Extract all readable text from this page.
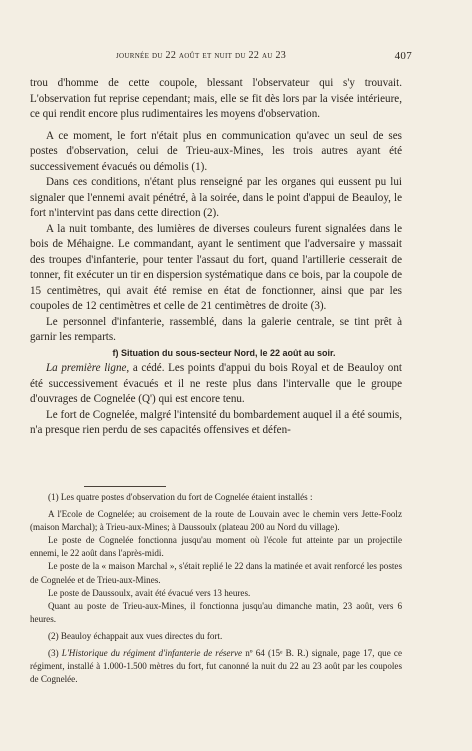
journée du 22 août et nuit du 22 au 23	407

trou d'homme de cette coupole, blessant l'observateur qui s'y trouvait. L'observation fut reprise cependant; mais, elle se fit dès lors par la visée intérieure, ce qui rendit encore plus rudimentaires les moyens d'observation.

A ce moment, le fort n'était plus en communication qu'avec un seul de ses postes d'observation, celui de Trieu-aux-Mines, les trois autres ayant été successivement évacués ou démolis (1).

Dans ces conditions, n'étant plus renseigné par les organes qui eussent pu lui signaler que l'ennemi avait pénétré, à la soirée, dans le point d'appui de Beauloy, le fort n'intervint pas dans cette direction (2).

A la nuit tombante, des lumières de diverses couleurs furent signalées dans le bois de Méhaigne. Le commandant, ayant le sentiment que l'adversaire y massait des troupes d'infanterie, pour tenter l'assaut du fort, quand l'artillerie cesserait de tonner, fit exécuter un tir en dispersion systématique dans ce bois, par la coupole de 15 centimètres, qui avait été remise en état de fonctionner, ainsi que par les coupoles de 12 centimètres et celle de 21 centimètres de droite (3).

Le personnel d'infanterie, rassemblé, dans la galerie centrale, se tint prêt à garnir les remparts.

f) Situation du sous-secteur Nord, le 22 août au soir.

La première ligne, a cédé. Les points d'appui du bois Royal et de Beauloy ont été successivement évacués et il ne reste plus dans l'intervalle que le groupe d'ouvrages de Cognelée (Q') qui est encore tenu.

Le fort de Cognelée, malgré l'intensité du bombardement auquel il a été soumis, n'a presque rien perdu de ses capacités offensives et défen-

(1) Les quatre postes d'observation du fort de Cognelée étaient installés :

A l'Ecole de Cognelée; au croisement de la route de Louvain avec le chemin vers Jette-Foolz (maison Marchal); à Trieu-aux-Mines; à Daussoulx (plateau 200 au Nord du village).

Le poste de Cognelée fonctionna jusqu'au moment où l'école fut atteinte par un projectile ennemi, le 22 août dans l'après-midi.

Le poste de la « maison Marchal », s'était replié le 22 dans la matinée et avait renforcé les postes de Cognelée et de Trieu-aux-Mines.

Le poste de Daussoulx, avait été évacué vers 13 heures.

Quant au poste de Trieu-aux-Mines, il fonctionna jusqu'au dimanche matin, 23 août, vers 6 heures.

(2) Beauloy échappait aux vues directes du fort.

(3) L'Historique du régiment d'infanterie de réserve nº 64 (15ᵉ B. R.) signale, page 17, que ce régiment, installé à 1.000-1.500 mètres du fort, fut canonné la nuit du 22 au 23 août par les coupoles de Cognelée.
